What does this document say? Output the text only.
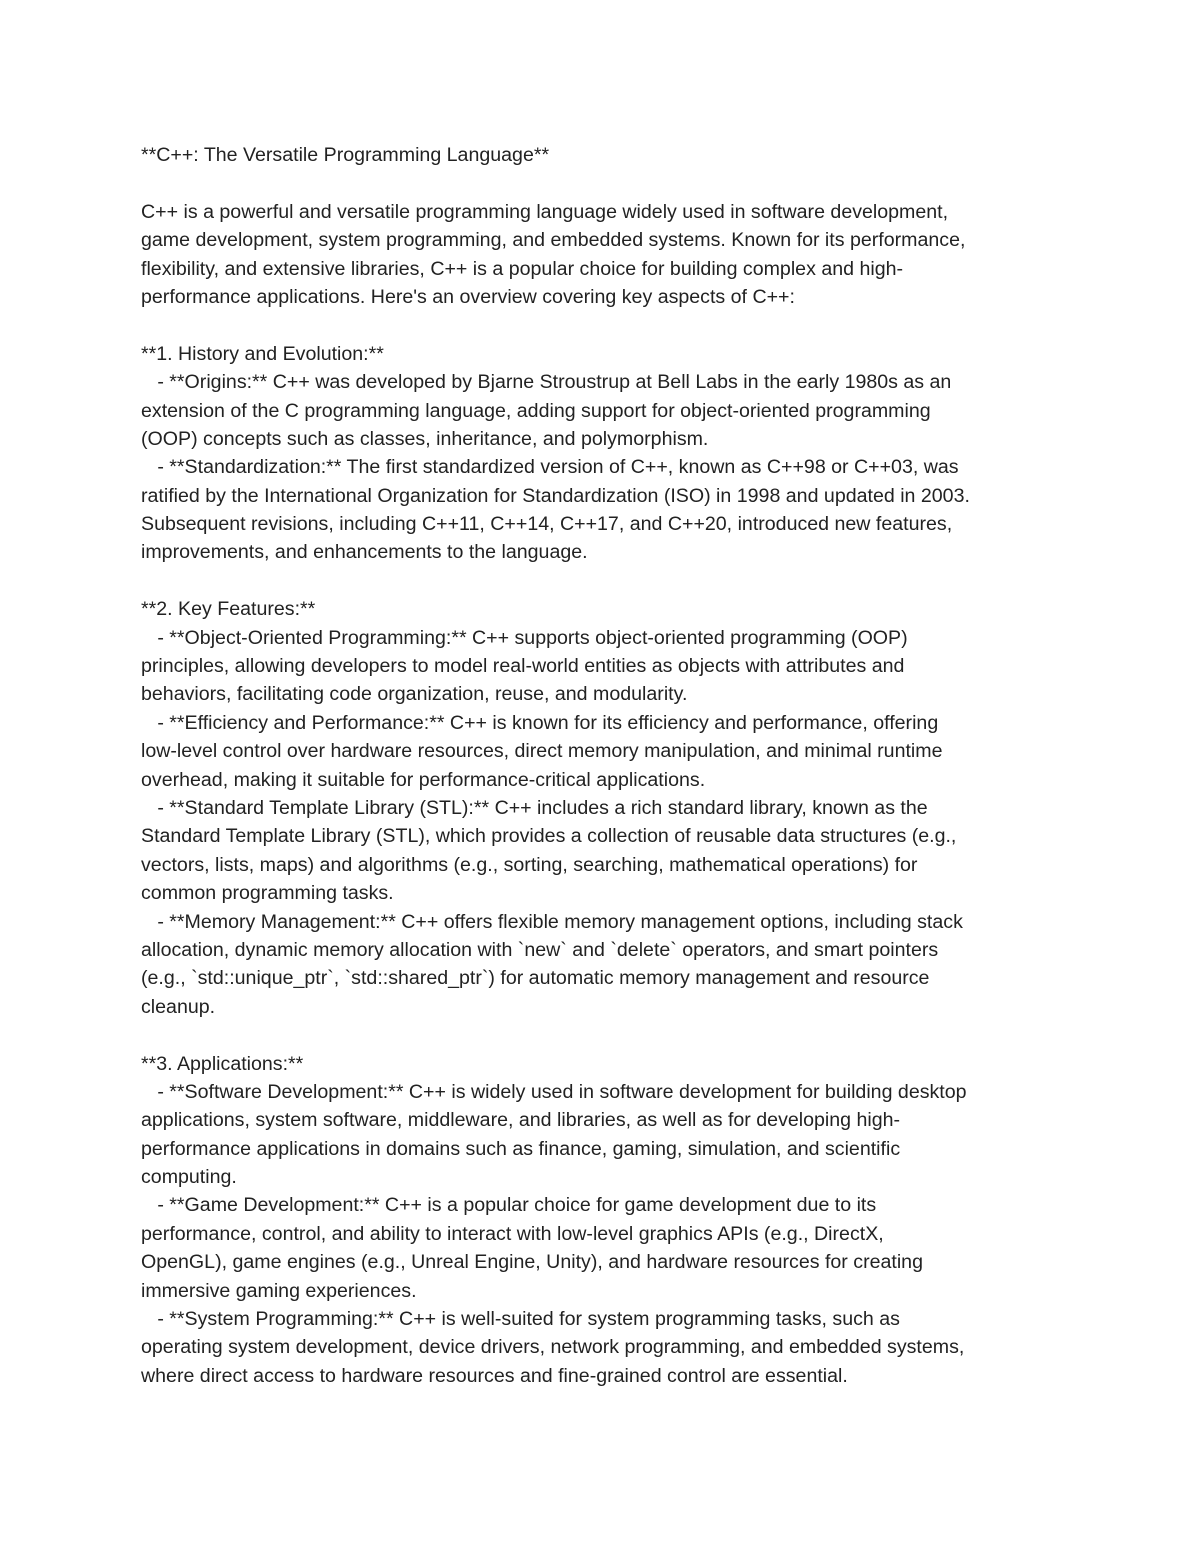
**C++: The Versatile Programming Language**
C++ is a powerful and versatile programming language widely used in software development,
game development, system programming, and embedded systems. Known for its performance,
flexibility, and extensive libraries, C++ is a popular choice for building complex and high-
performance applications. Here's an overview covering key aspects of C++:
**1. History and Evolution:**
- **Origins:** C++ was developed by Bjarne Stroustrup at Bell Labs in the early 1980s as an
extension of the C programming language, adding support for object-oriented programming
(OOP) concepts such as classes, inheritance, and polymorphism.
- **Standardization:** The first standardized version of C++, known as C++98 or C++03, was
ratified by the International Organization for Standardization (ISO) in 1998 and updated in 2003.
Subsequent revisions, including C++11, C++14, C++17, and C++20, introduced new features,
improvements, and enhancements to the language.
**2. Key Features:**
- **Object-Oriented Programming:** C++ supports object-oriented programming (OOP)
principles, allowing developers to model real-world entities as objects with attributes and
behaviors, facilitating code organization, reuse, and modularity.
- **Efficiency and Performance:** C++ is known for its efficiency and performance, offering
low-level control over hardware resources, direct memory manipulation, and minimal runtime
overhead, making it suitable for performance-critical applications.
- **Standard Template Library (STL):** C++ includes a rich standard library, known as the
Standard Template Library (STL), which provides a collection of reusable data structures (e.g.,
vectors, lists, maps) and algorithms (e.g., sorting, searching, mathematical operations) for
common programming tasks.
- **Memory Management:** C++ offers flexible memory management options, including stack
allocation, dynamic memory allocation with `new` and `delete` operators, and smart pointers
(e.g., `std::unique_ptr`, `std::shared_ptr`) for automatic memory management and resource
cleanup.
**3. Applications:**
- **Software Development:** C++ is widely used in software development for building desktop
applications, system software, middleware, and libraries, as well as for developing high-
performance applications in domains such as finance, gaming, simulation, and scientific
computing.
- **Game Development:** C++ is a popular choice for game development due to its
performance, control, and ability to interact with low-level graphics APIs (e.g., DirectX,
OpenGL), game engines (e.g., Unreal Engine, Unity), and hardware resources for creating
immersive gaming experiences.
- **System Programming:** C++ is well-suited for system programming tasks, such as
operating system development, device drivers, network programming, and embedded systems,
where direct access to hardware resources and fine-grained control are essential.
